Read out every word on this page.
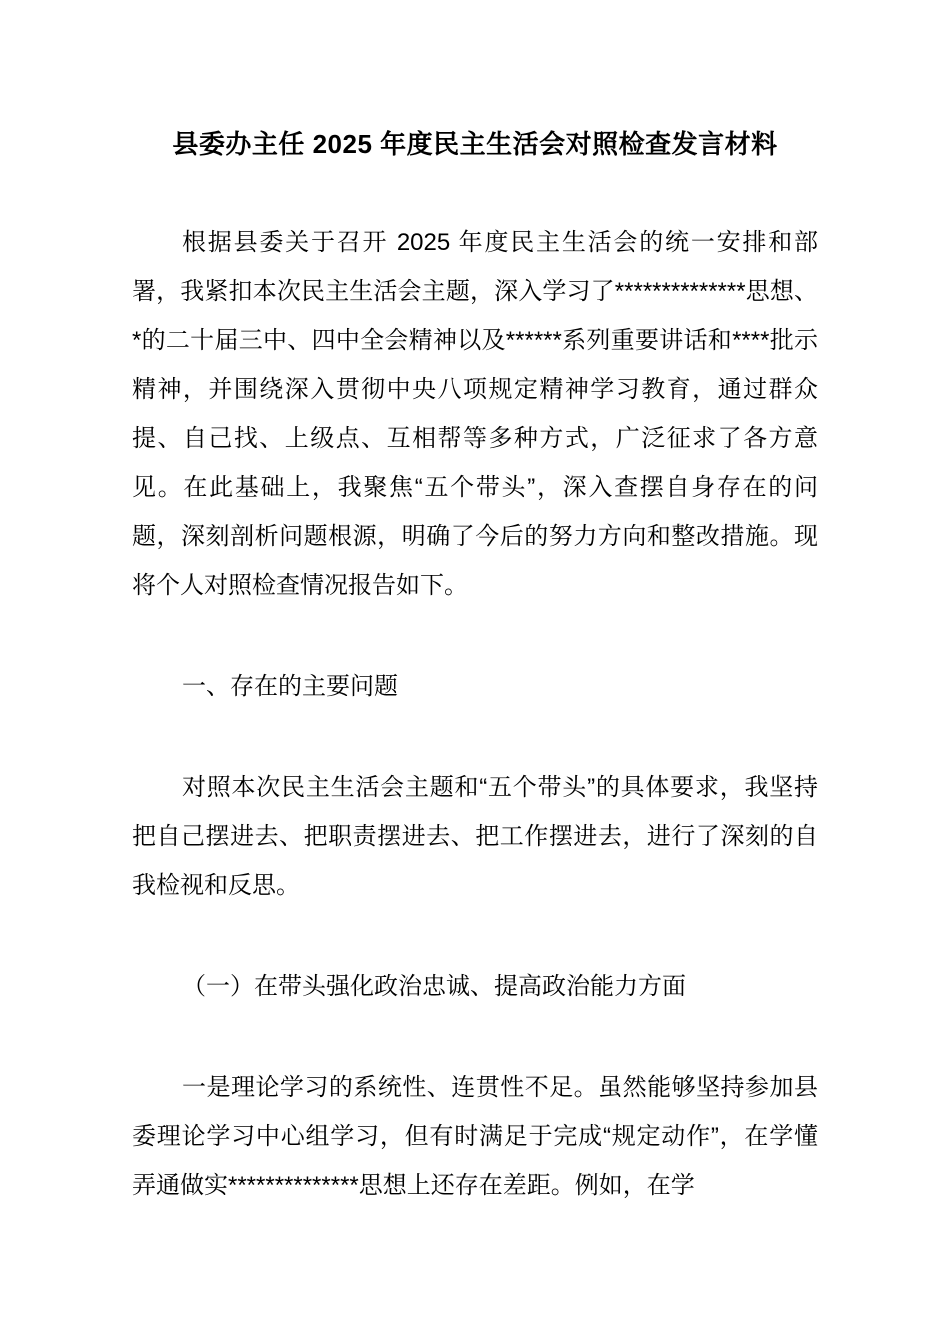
县委办主任 2025 年度民主生活会对照检查发言材料

根据县委关于召开 2025 年度民主生活会的统一安排和部署，我紧扣本次民主生活会主题，深入学习了**************思想、*的二十届三中、四中全会精神以及******系列重要讲话和****批示精神，并围绕深入贯彻中央八项规定精神学习教育，通过群众提、自己找、上级点、互相帮等多种方式，广泛征求了各方意见。在此基础上，我聚焦“五个带头”，深入查摆自身存在的问题，深刻剖析问题根源，明确了今后的努力方向和整改措施。现将个人对照检查情况报告如下。

一、存在的主要问题

对照本次民主生活会主题和“五个带头”的具体要求，我坚持把自己摆进去、把职责摆进去、把工作摆进去，进行了深刻的自我检视和反思。

（一）在带头强化政治忠诚、提高政治能力方面

一是理论学习的系统性、连贯性不足。虽然能够坚持参加县委理论学习中心组学习，但有时满足于完成“规定动作”，在学懂弄通做实**************思想上还存在差距。例如，在学
